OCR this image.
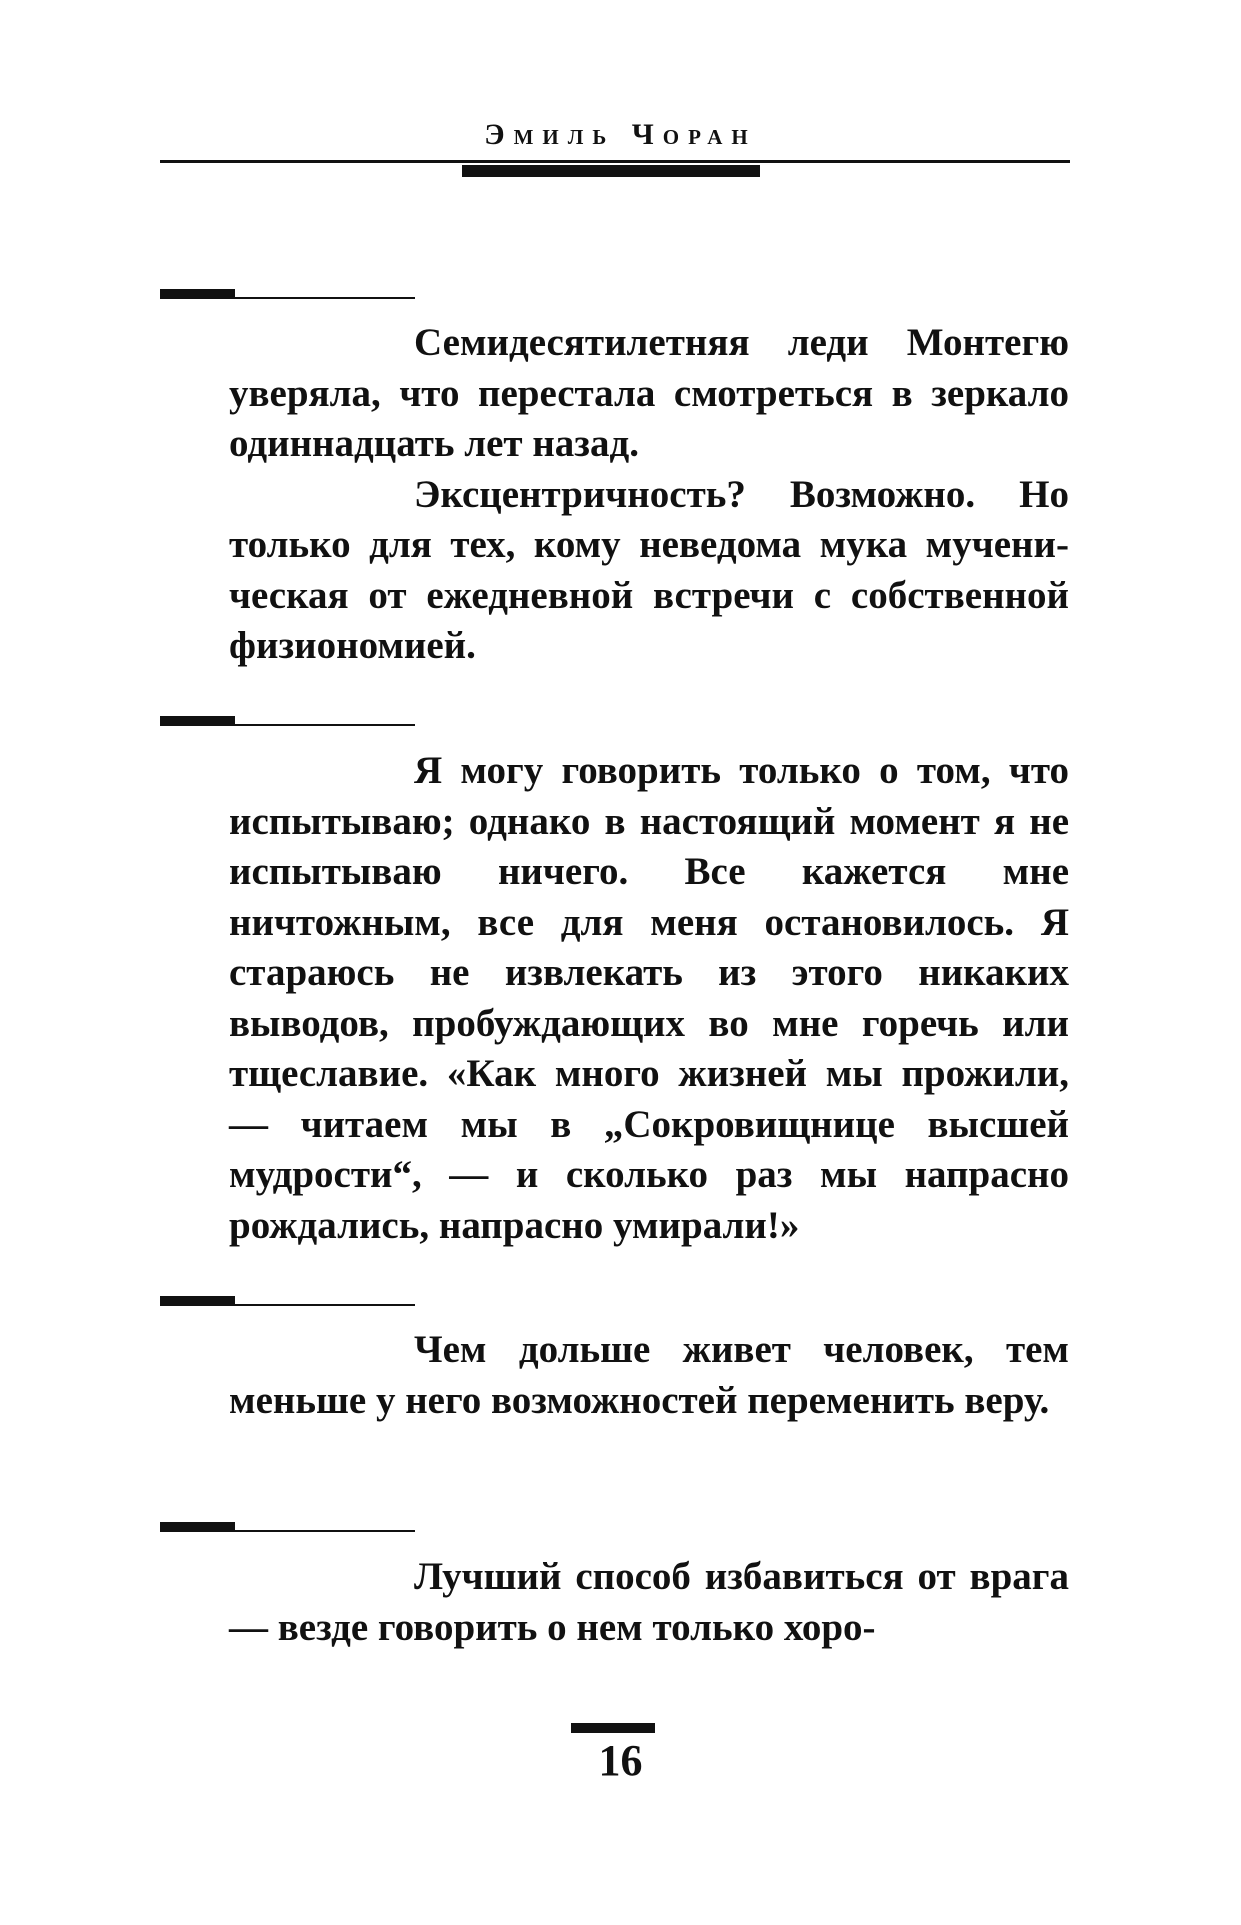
Эмиль Чоран

Семидесятилетняя леди Монтегю уверяла, что перестала смотреться в зеркало одиннадцать лет назад.

Эксцентричность? Возможно. Но только для тех, кому неведома мука мученическая от ежедневной встречи с собственной физиономией.

Я могу говорить только о том, что испытываю; однако в настоящий момент я не испытываю ничего. Все кажется мне ничтожным, все для меня остановилось. Я стараюсь не извлекать из этого никаких выводов, пробуждающих во мне горечь или тщеславие. «Как много жизней мы прожили, — читаем мы в „Сокровищнице высшей мудрости“, — и сколько раз мы напрасно рождались, напрасно умирали!»

Чем дольше живет человек, тем меньше у него возможностей переменить веру.

Лучший способ избавиться от врага — везде говорить о нем только хоро-

16
